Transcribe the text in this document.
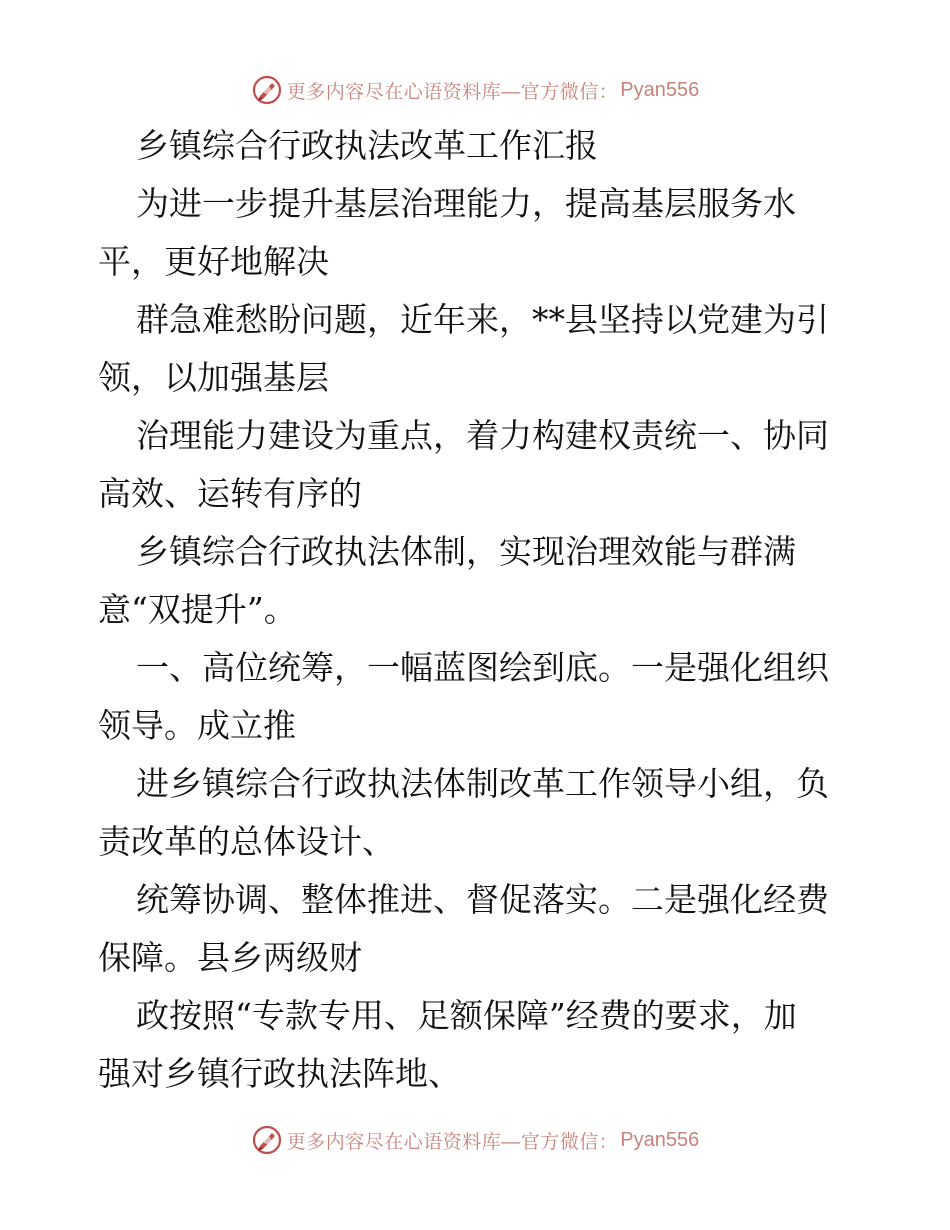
更多内容尽在心语资料库—官方微信： Pyan556
乡镇综合行政执法改革工作汇报
为进一步提升基层治理能力，提高基层服务水
平，更好地解决
群急难愁盼问题，近年来，**县坚持以党建为引
领，以加强基层
治理能力建设为重点，着力构建权责统一、协同
高效、运转有序的
乡镇综合行政执法体制，实现治理效能与群满
意“双提升”。
一、高位统筹，一幅蓝图绘到底。一是强化组织
领导。成立推
进乡镇综合行政执法体制改革工作领导小组，负
责改革的总体设计、
统筹协调、整体推进、督促落实。二是强化经费
保障。县乡两级财
政按照“专款专用、足额保障”经费的要求，加
强对乡镇行政执法阵地、
更多内容尽在心语资料库—官方微信： Pyan556
